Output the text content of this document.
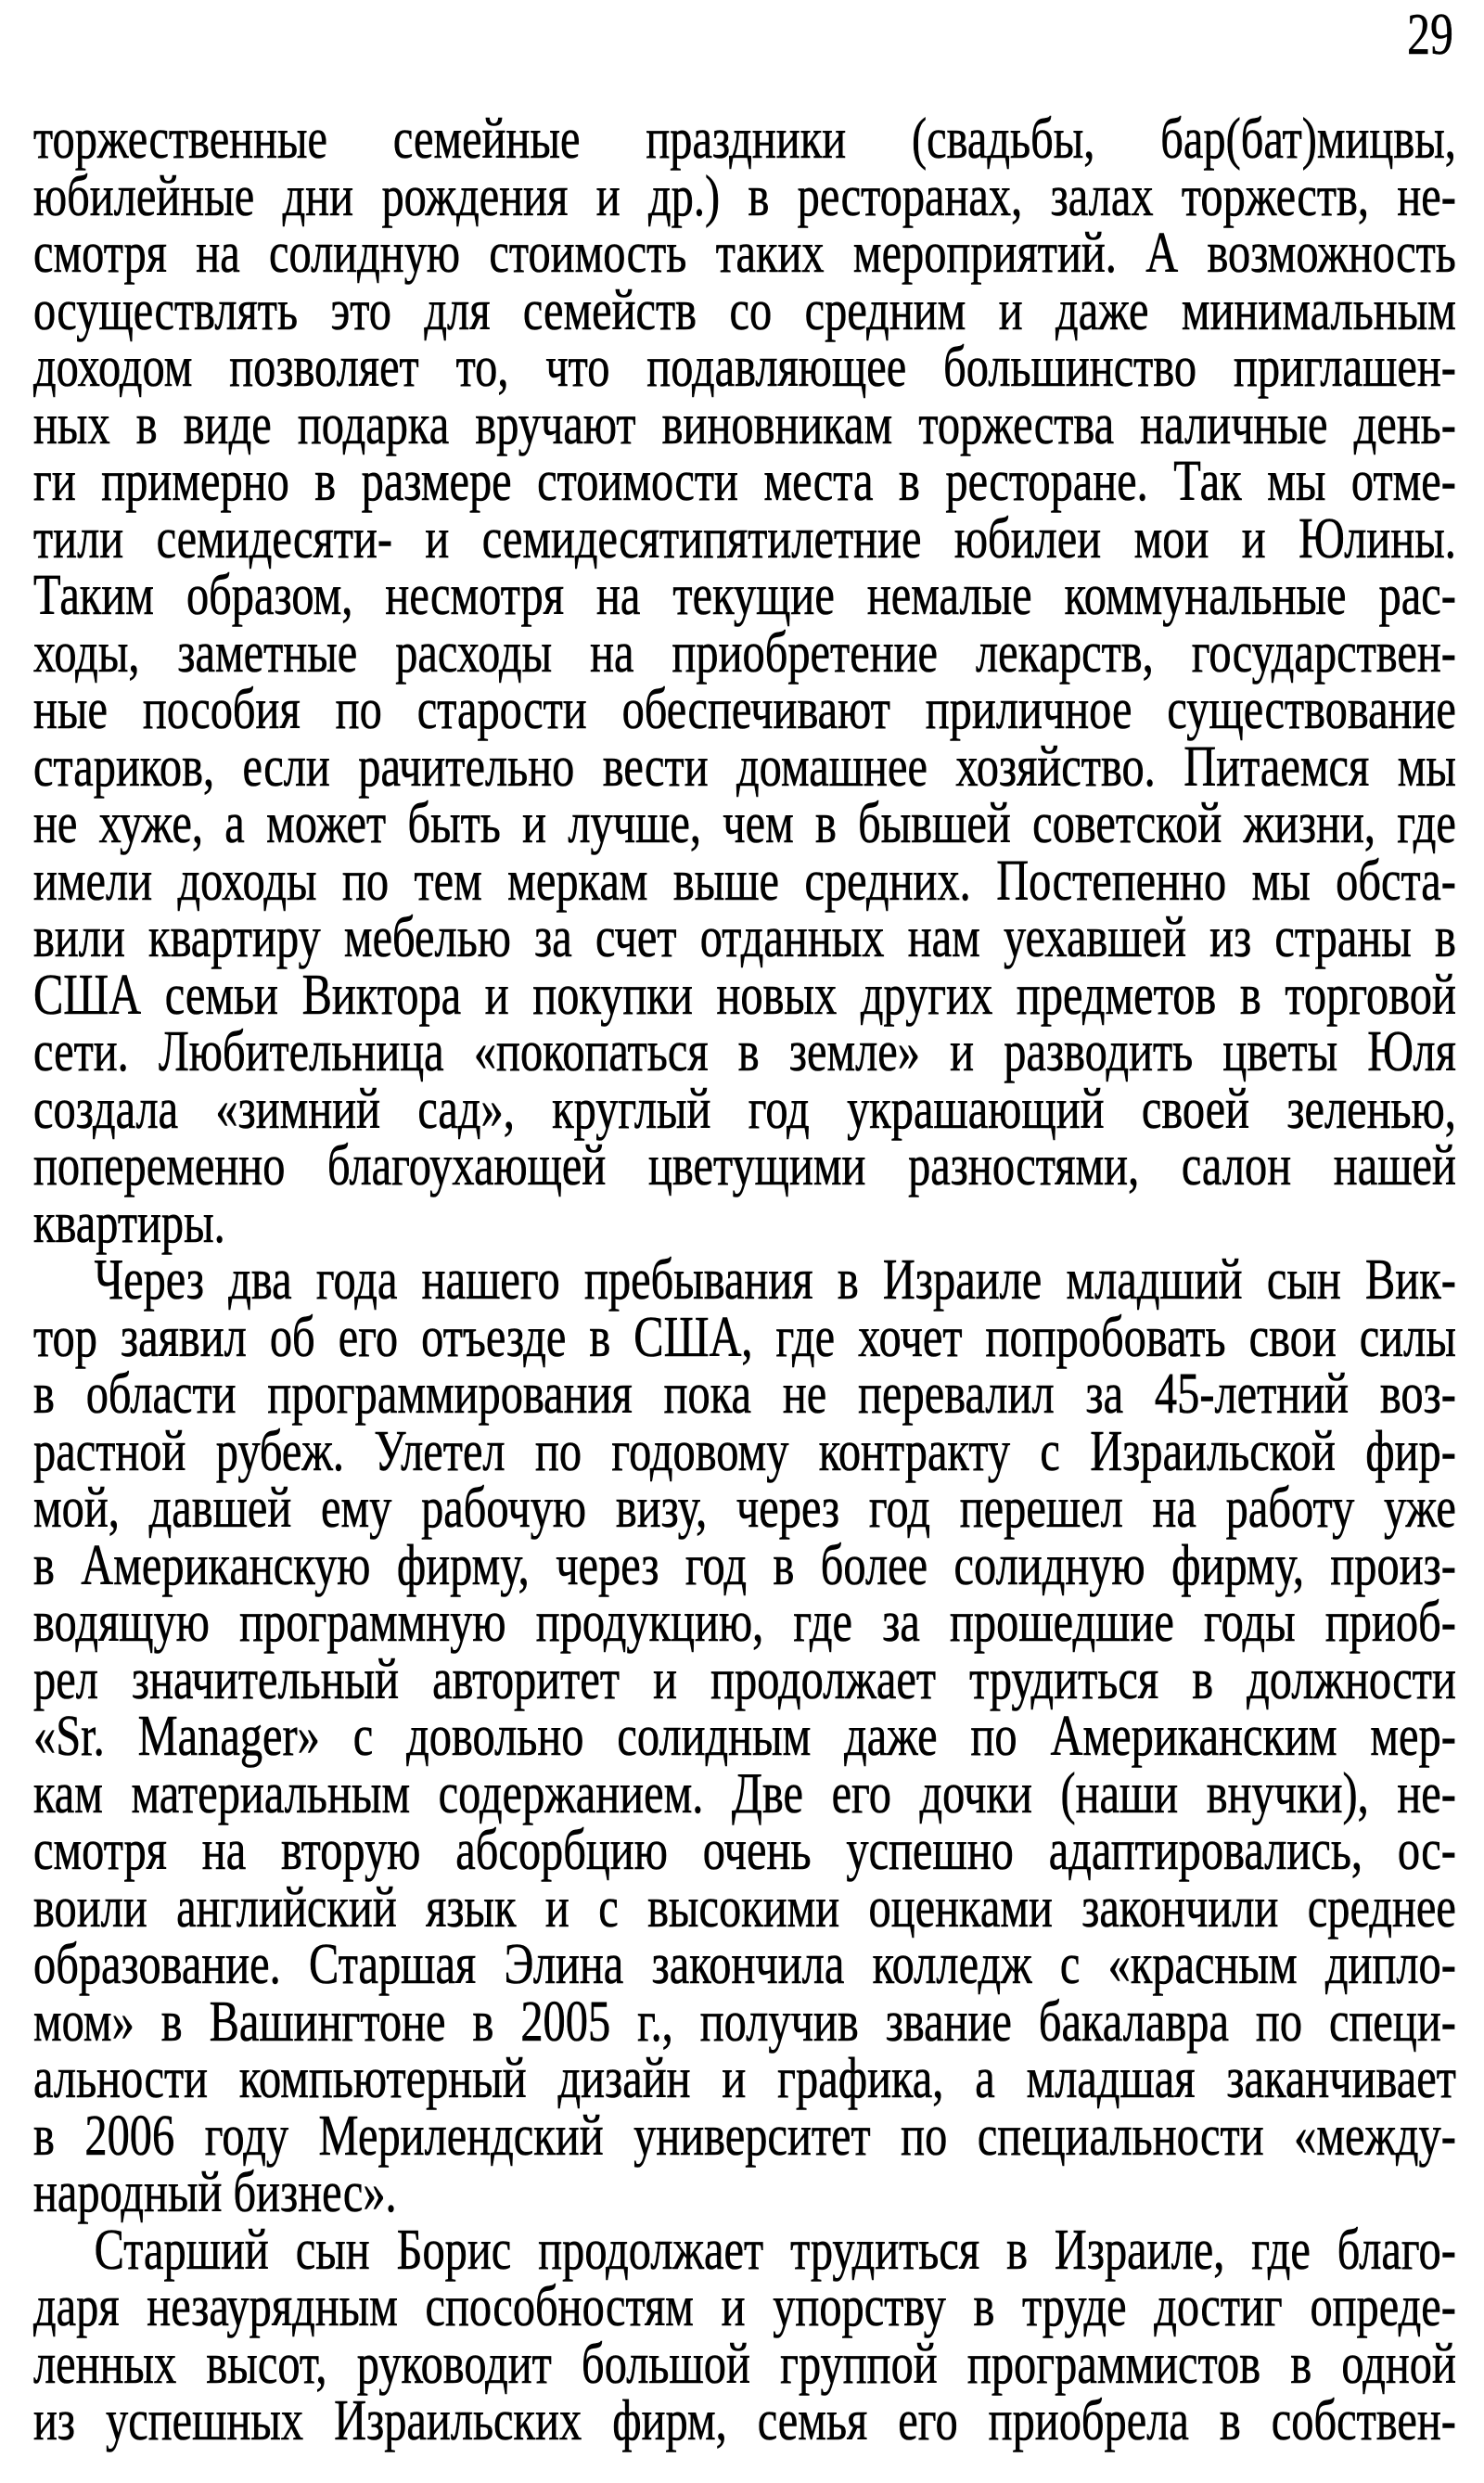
29
торжественные семейные праздники (свадьбы, бар(бат)мицвы,
юбилейные дни рождения и др.) в ресторанах, залах торжеств, не-
смотря на солидную стоимость таких мероприятий. А возможность
осуществлять это для семейств со средним и даже минимальным
доходом позволяет то, что подавляющее большинство приглашен-
ных в виде подарка вручают виновникам торжества наличные день-
ги примерно в размере стоимости места в ресторане. Так мы отме-
тили семидесяти- и семидесятипятилетние юбилеи мои и Юлины.
Таким образом, несмотря на текущие немалые коммунальные рас-
ходы, заметные расходы на приобретение лекарств, государствен-
ные пособия по старости обеспечивают приличное существование
стариков, если рачительно вести домашнее хозяйство. Питаемся мы
не хуже, а может быть и лучше, чем в бывшей советской жизни, где
имели доходы по тем меркам выше средних. Постепенно мы обста-
вили квартиру мебелью за счет отданных нам уехавшей из страны в
США семьи Виктора и покупки новых других предметов в торговой
сети. Любительница «покопаться в земле» и разводить цветы Юля
создала «зимний сад», круглый год украшающий своей зеленью,
попеременно благоухающей цветущими разностями, салон нашей
квартиры.
Через два года нашего пребывания в Израиле младший сын Вик-
тор заявил об его отъезде в США, где хочет попробовать свои силы
в области программирования пока не перевалил за 45-летний воз-
растной рубеж. Улетел по годовому контракту с Израильской фир-
мой, давшей ему рабочую визу, через год перешел на работу уже
в Американскую фирму, через год в более солидную фирму, произ-
водящую программную продукцию, где за прошедшие годы приоб-
рел значительный авторитет и продолжает трудиться в должности
«Sr. Manager» с довольно солидным даже по Американским мер-
кам материальным содержанием. Две его дочки (наши внучки), не-
смотря на вторую абсорбцию очень успешно адаптировались, ос-
воили английский язык и с высокими оценками закончили среднее
образование. Старшая Элина закончила колледж с «красным дипло-
мом» в Вашингтоне в 2005 г., получив звание бакалавра по специ-
альности компьютерный дизайн и графика, а младшая заканчивает
в 2006 году Мерилендский университет по специальности «между-
народный бизнес».
Старший сын Борис продолжает трудиться в Израиле, где благо-
даря незаурядным способностям и упорству в труде достиг опреде-
ленных высот, руководит большой группой программистов в одной
из успешных Израильских фирм, семья его приобрела в собствен-
